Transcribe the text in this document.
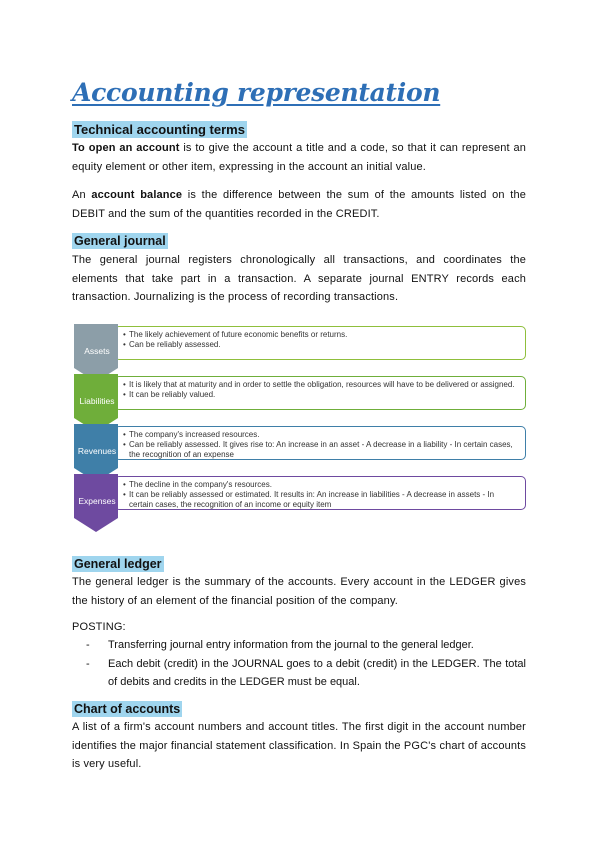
Accounting representation
Technical accounting terms
To open an account is to give the account a title and a code, so that it can represent an equity element or other item, expressing in the account an initial value.
An account balance is the difference between the sum of the amounts listed on the DEBIT and the sum of the quantities recorded in the CREDIT.
General journal
The general journal registers chronologically all transactions, and coordinates the elements that take part in a transaction. A separate journal ENTRY records each transaction. Journalizing is the process of recording transactions.
General ledger
The general ledger is the summary of the accounts. Every account in the LEDGER gives the history of an element of the financial position of the company.
POSTING:
- Transferring journal entry information from the journal to the general ledger.
- Each debit (credit) in the JOURNAL goes to a debit (credit) in the LEDGER. The total of debits and credits in the LEDGER must be equal.
Chart of accounts
A list of a firm's account numbers and account titles. The first digit in the account number identifies the major financial statement classification. In Spain the PGC's chart of accounts is very useful.

• The likely achievement of future economic benefits or returns.

• Can be reliably assessed.

Assets

• It is likely that at maturity and in order to settle the obligation, resources will have to be delivered or assigned.

• It can be reliably valued.

Liabilities

• The company's increased resources.

• Can be reliably assessed. It gives rise to: An increase in an asset - A decrease in a liability - In certain cases, the recognition of an expense

Revenues

• The decline in the company's resources.

• It can be reliably assessed or estimated. It results in: An increase in liabilities - A decrease in assets - In certain cases, the recognition of an income or equity item

Expenses
